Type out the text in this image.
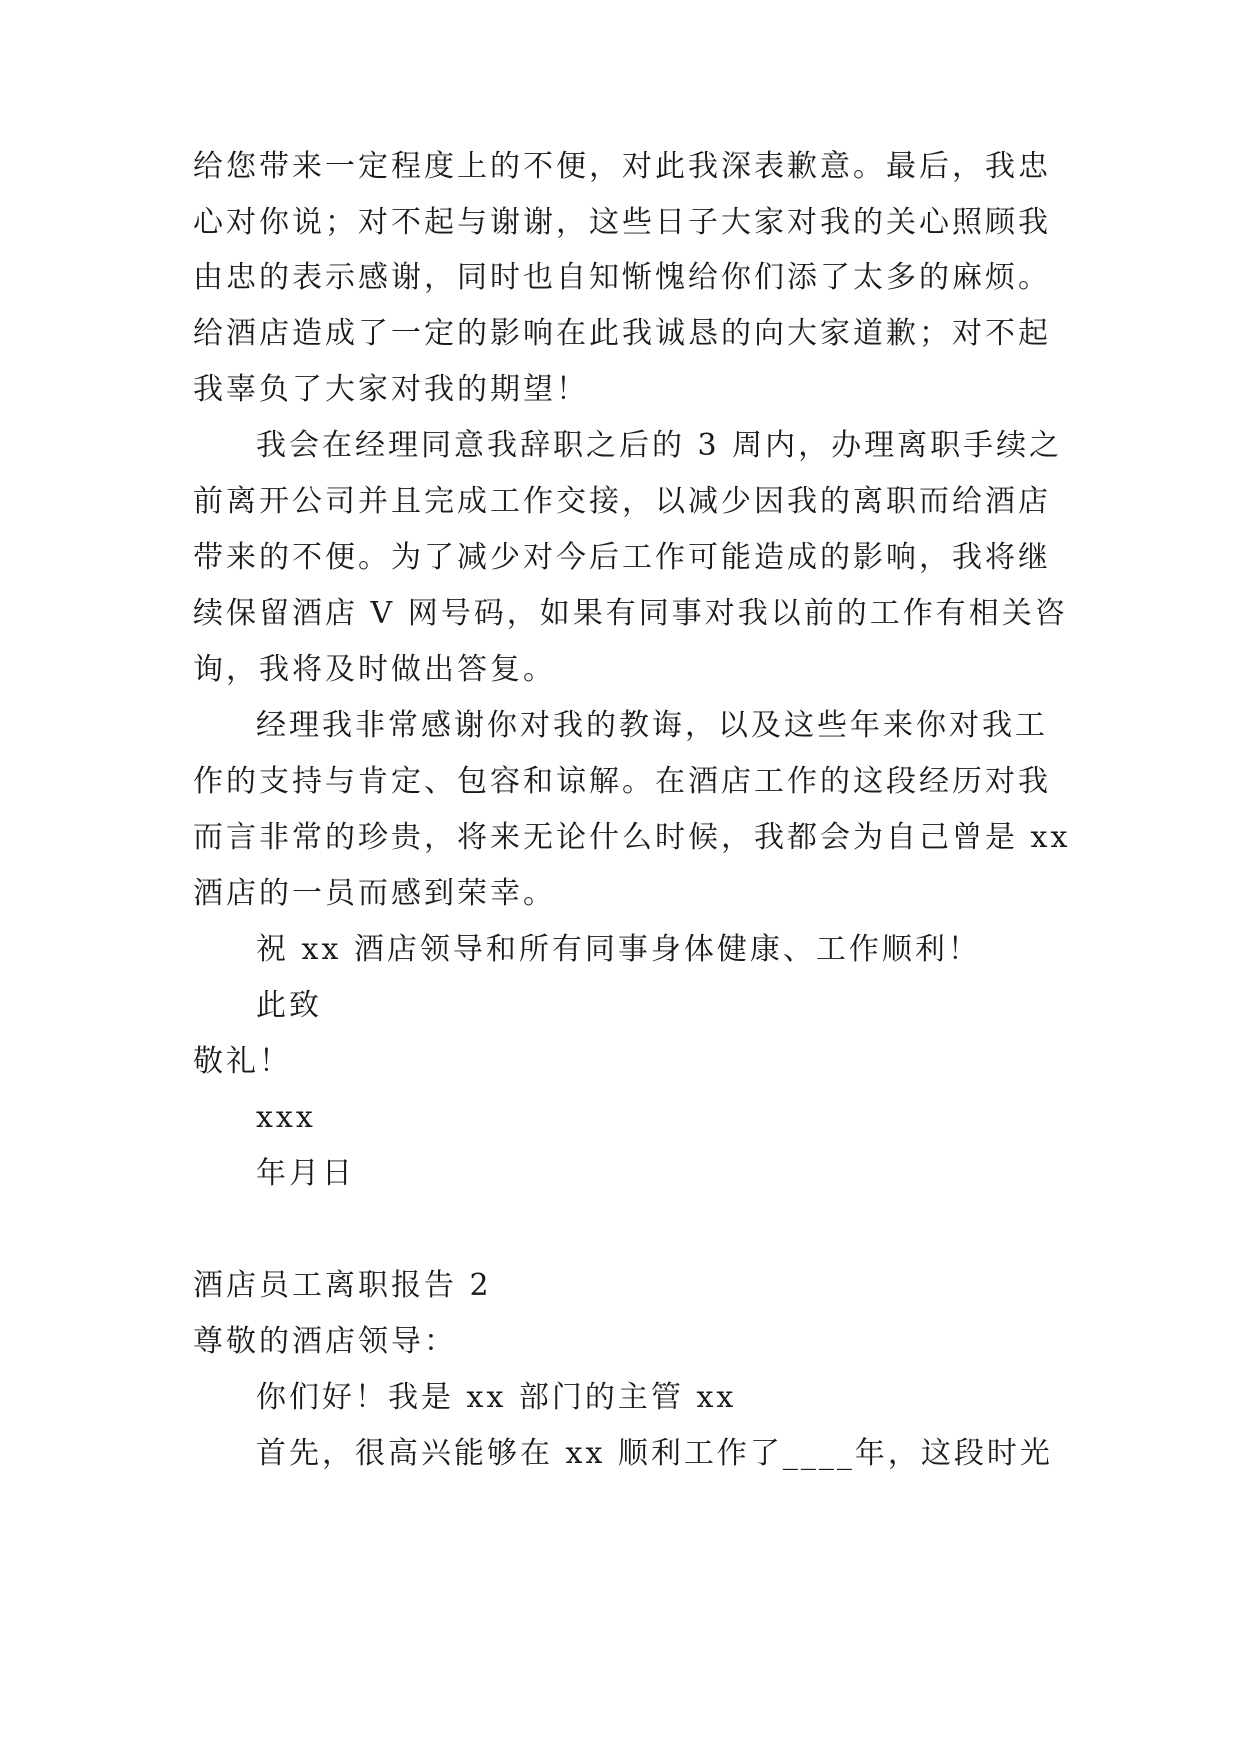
给您带来一定程度上的不便，对此我深表歉意。最后，我忠
心对你说；对不起与谢谢，这些日子大家对我的关心照顾我
由忠的表示感谢，同时也自知惭愧给你们添了太多的麻烦。
给酒店造成了一定的影响在此我诚恳的向大家道歉；对不起
我辜负了大家对我的期望！
我会在经理同意我辞职之后的 3 周内，办理离职手续之
前离开公司并且完成工作交接，以减少因我的离职而给酒店
带来的不便。为了减少对今后工作可能造成的影响，我将继
续保留酒店 V 网号码，如果有同事对我以前的工作有相关咨
询，我将及时做出答复。
经理我非常感谢你对我的教诲，以及这些年来你对我工
作的支持与肯定、包容和谅解。在酒店工作的这段经历对我
而言非常的珍贵，将来无论什么时候，我都会为自己曾是 xx
酒店的一员而感到荣幸。
祝 xx 酒店领导和所有同事身体健康、工作顺利！
此致
敬礼！
xxx
年月日
酒店员工离职报告 2
尊敬的酒店领导：
你们好！我是 xx 部门的主管 xx
首先，很高兴能够在 xx 顺利工作了____年，这段时光
